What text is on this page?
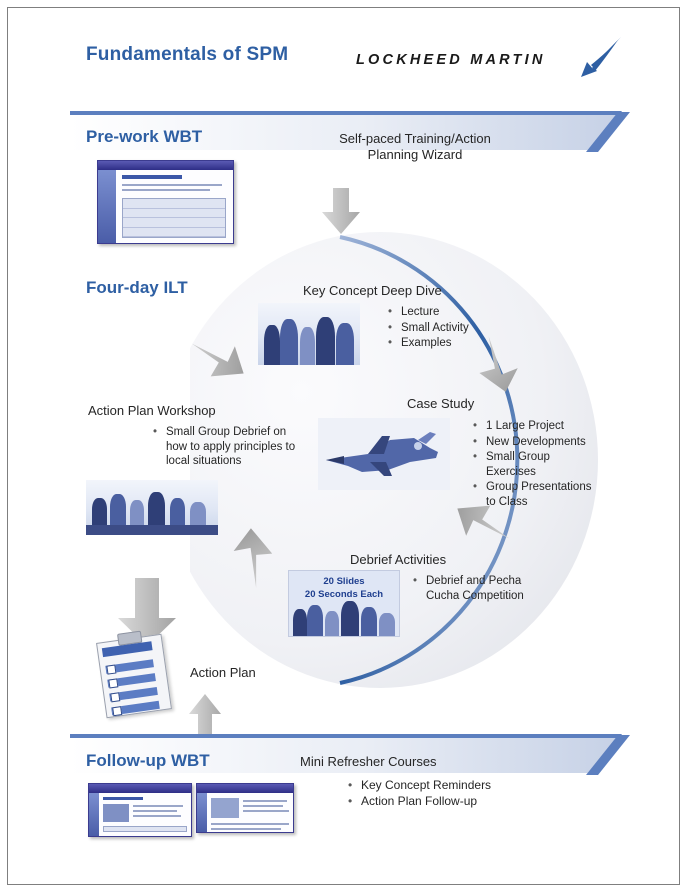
Fundamentals of SPM	LOCKHEED MARTIN
Pre-work WBT	Self-paced Training/Action
Planning Wizard
Four-day ILT	Key Concept Deep Dive
• Lecture
• Small Activity
• Examples
Case Study
• 1 Large Project
• New Developments
• Small Group Exercises
• Group Presentations to Class
Debrief Activities
• Debrief and Pecha Cucha Competition
20 Slides
20 Seconds Each
Action Plan Workshop
• Small Group Debrief on how to apply principles to local situations
Action Plan
Follow-up WBT	Mini Refresher Courses
• Key Concept Reminders
• Action Plan Follow-up
